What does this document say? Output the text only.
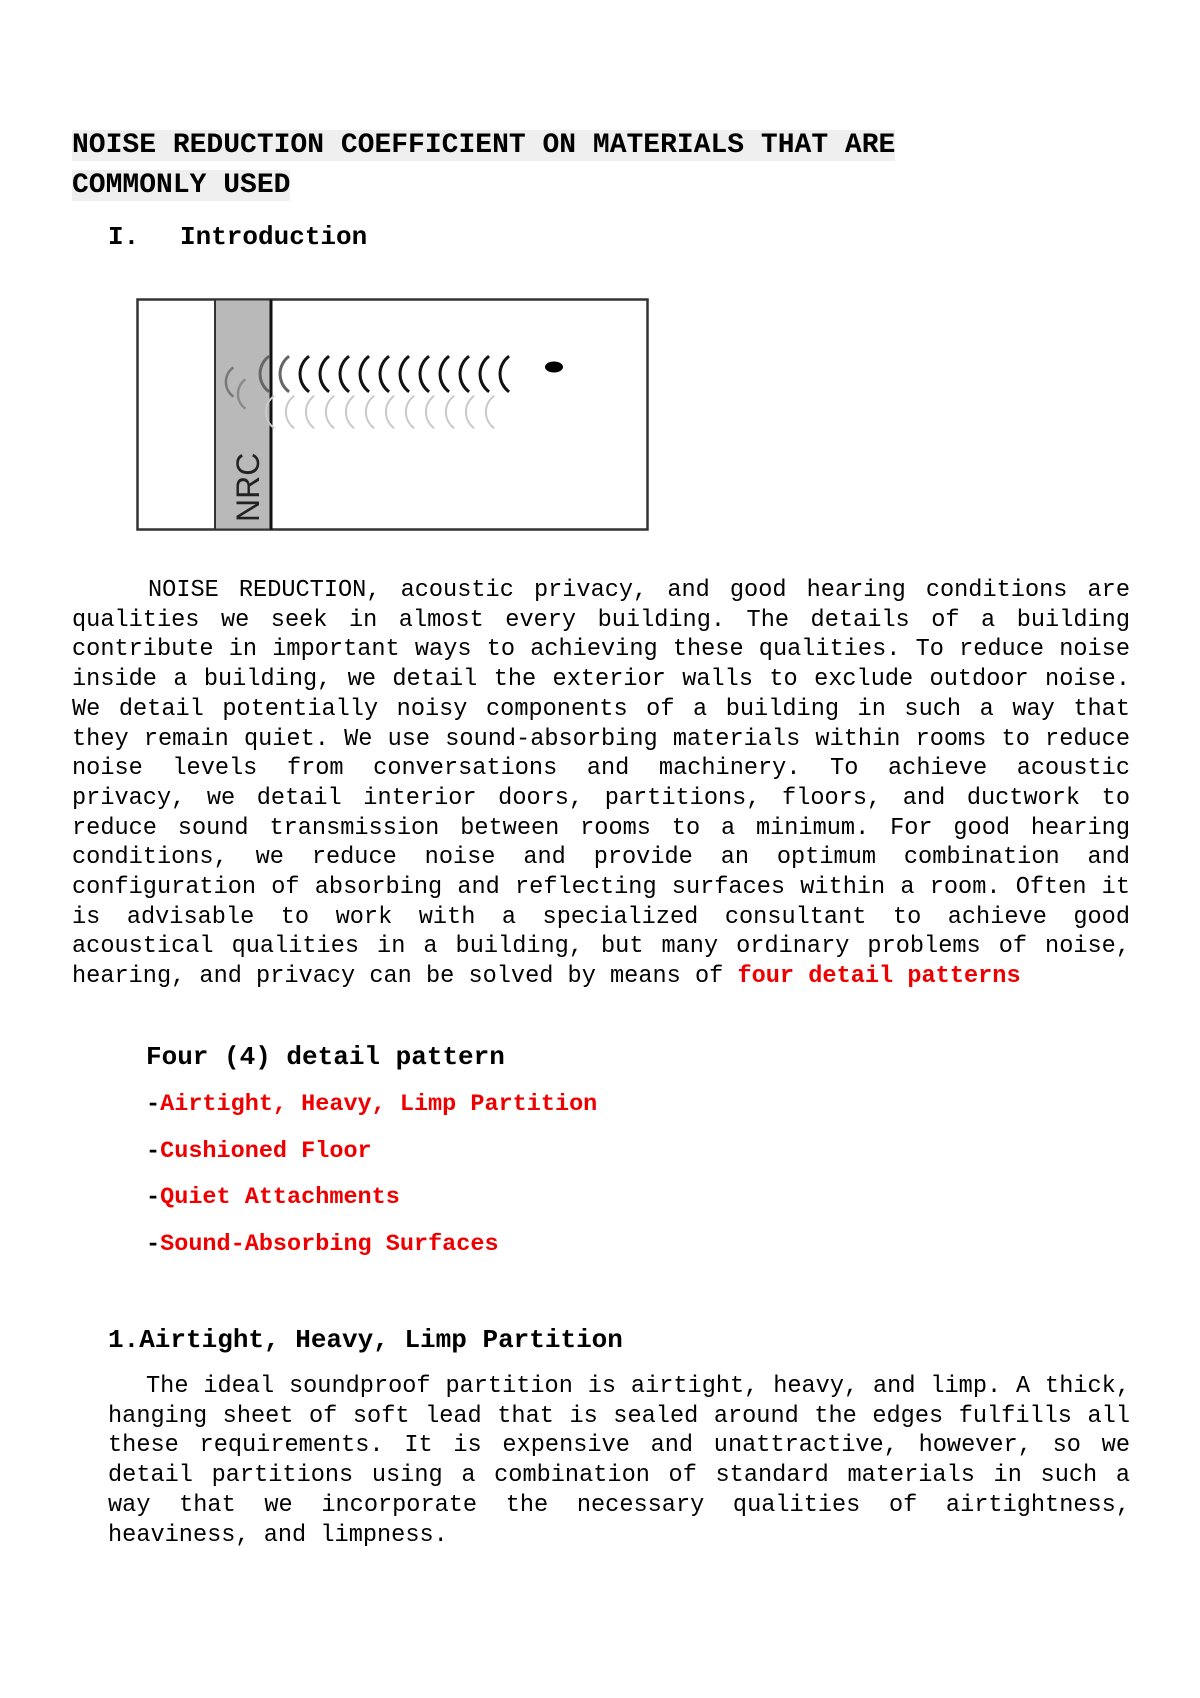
NOISE REDUCTION COEFFICIENT ON MATERIALS THAT ARE
COMMONLY USED
I. Introduction
NRC
NOISE REDUCTION, acoustic privacy, and good hearing conditions are qualities we seek in almost every building. The details of a building contribute in important ways to achieving these qualities. To reduce noise inside a building, we detail the exterior walls to exclude outdoor noise. We detail potentially noisy components of a building in such a way that they remain quiet. We use sound-absorbing materials within rooms to reduce noise levels from conversations and machinery. To achieve acoustic privacy, we detail interior doors, partitions, floors, and ductwork to reduce sound transmission between rooms to a minimum. For good hearing conditions, we reduce noise and provide an optimum combination and configuration of absorbing and reflecting surfaces within a room. Often it is advisable to work with a specialized consultant to achieve good acoustical qualities in a building, but many ordinary problems of noise, hearing, and privacy can be solved by means of four detail patterns
Four (4) detail pattern
-Airtight, Heavy, Limp Partition
-Cushioned Floor
-Quiet Attachments
-Sound-Absorbing Surfaces
1.Airtight, Heavy, Limp Partition
The ideal soundproof partition is airtight, heavy, and limp. A thick, hanging sheet of soft lead that is sealed around the edges fulfills all these requirements. It is expensive and unattractive, however, so we detail partitions using a combination of standard materials in such a way that we incorporate the necessary qualities of airtightness, heaviness, and limpness.
